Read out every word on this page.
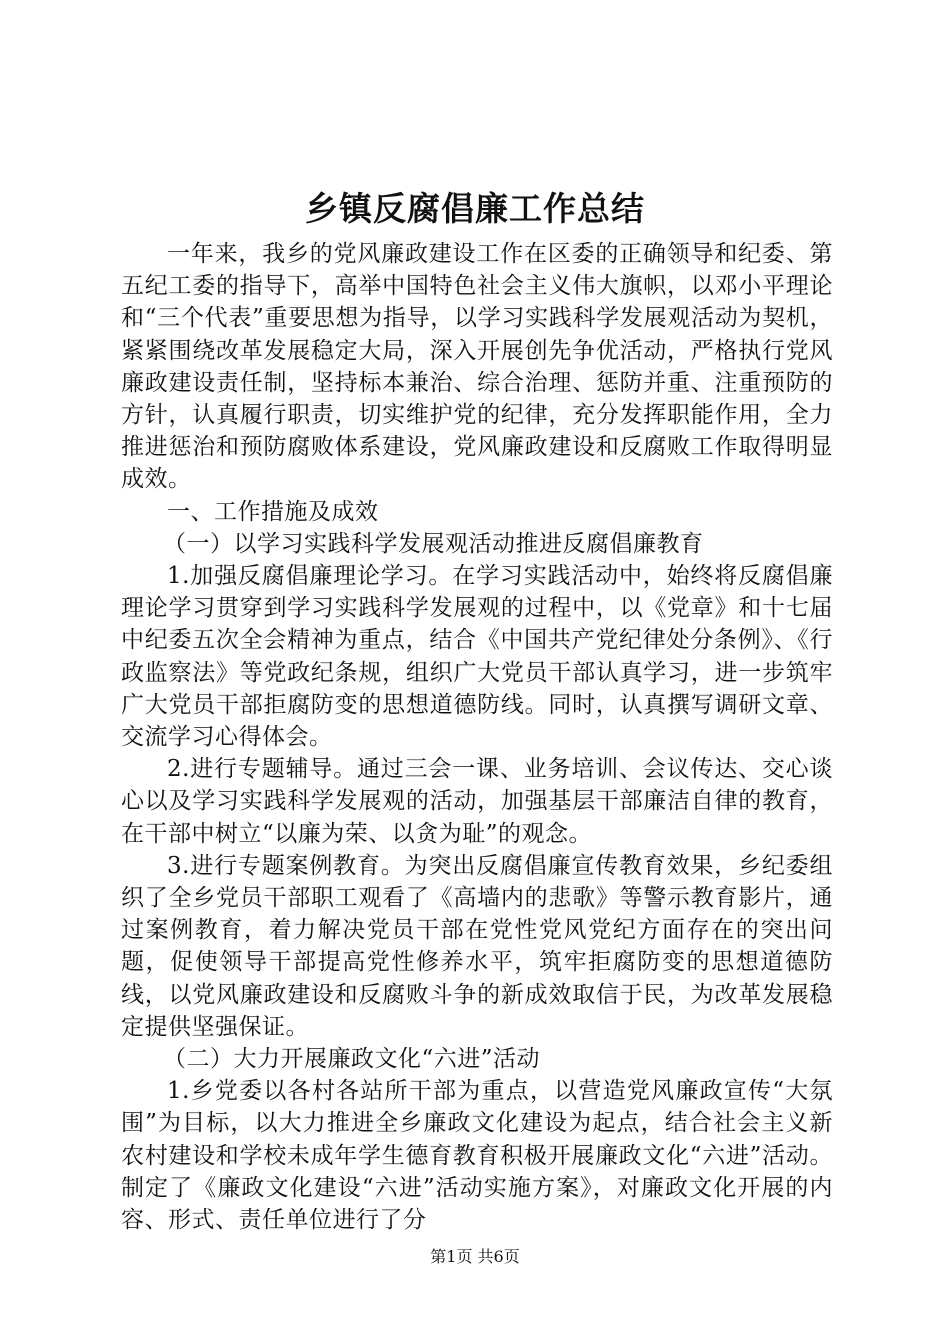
乡镇反腐倡廉工作总结

一年来，我乡的党风廉政建设工作在区委的正确领导和纪委、第五纪工委的指导下，高举中国特色社会主义伟大旗帜，以邓小平理论和“三个代表”重要思想为指导，以学习实践科学发展观活动为契机，紧紧围绕改革发展稳定大局，深入开展创先争优活动，严格执行党风廉政建设责任制，坚持标本兼治、综合治理、惩防并重、注重预防的方针，认真履行职责，切实维护党的纪律，充分发挥职能作用，全力推进惩治和预防腐败体系建设，党风廉政建设和反腐败工作取得明显成效。

一、工作措施及成效

（一）以学习实践科学发展观活动推进反腐倡廉教育

1.加强反腐倡廉理论学习。在学习实践活动中，始终将反腐倡廉理论学习贯穿到学习实践科学发展观的过程中，以《党章》和十七届中纪委五次全会精神为重点，结合《中国共产党纪律处分条例》、《行政监察法》等党政纪条规，组织广大党员干部认真学习，进一步筑牢广大党员干部拒腐防变的思想道德防线。同时，认真撰写调研文章、交流学习心得体会。

2.进行专题辅导。通过三会一课、业务培训、会议传达、交心谈心以及学习实践科学发展观的活动，加强基层干部廉洁自律的教育，在干部中树立“以廉为荣、以贪为耻”的观念。

3.进行专题案例教育。为突出反腐倡廉宣传教育效果，乡纪委组织了全乡党员干部职工观看了《高墙内的悲歌》等警示教育影片，通过案例教育，着力解决党员干部在党性党风党纪方面存在的突出问题，促使领导干部提高党性修养水平，筑牢拒腐防变的思想道德防线，以党风廉政建设和反腐败斗争的新成效取信于民，为改革发展稳定提供坚强保证。

（二）大力开展廉政文化“六进”活动

1.乡党委以各村各站所干部为重点，以营造党风廉政宣传“大氛围”为目标，以大力推进全乡廉政文化建设为起点，结合社会主义新农村建设和学校未成年学生德育教育积极开展廉政文化“六进”活动。制定了《廉政文化建设“六进”活动实施方案》，对廉政文化开展的内容、形式、责任单位进行了分

第1页 共6页
